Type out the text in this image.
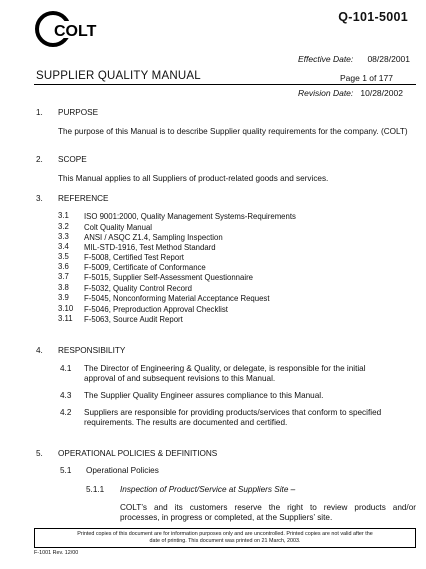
COLT
Q-101-5001
Effective Date: 08/28/2001
SUPPLIER QUALITY MANUAL	Page 1 of 177
Revision Date: 10/28/2002
1. PURPOSE
The purpose of this Manual is to describe Supplier quality requirements for the company. (COLT)
2. SCOPE
This Manual applies to all Suppliers of product-related goods and services.
3. REFERENCE
3.1 ISO 9001:2000, Quality Management Systems-Requirements
3.2 Colt Quality Manual
3.3 ANSI / ASQC Z1.4, Sampling Inspection
3.4 MIL-STD-1916, Test Method Standard
3.5 F-5008, Certified Test Report
3.6 F-5009, Certificate of Conformance
3.7 F-5015, Supplier Self-Assessment Questionnaire
3.8 F-5032, Quality Control Record
3.9 F-5045, Nonconforming Material Acceptance Request
3.10 F-5046, Preproduction Approval Checklist
3.11 F-5063, Source Audit Report
4. RESPONSIBILITY
4.1 The Director of Engineering & Quality, or delegate, is responsible for the initial
approval of and subsequent revisions to this Manual.
4.3 The Supplier Quality Engineer assures compliance to this Manual.
4.2 Suppliers are responsible for providing products/services that conform to specified
requirements. The results are documented and certified.
5. OPERATIONAL POLICIES & DEFINITIONS
5.1 Operational Policies
5.1.1 Inspection of Product/Service at Suppliers Site –
COLT’s and its customers reserve the right to review products and/or
processes, in progress or completed, at the Suppliers’ site.
Printed copies of this document are for information purposes only and are uncontrolled. Printed copies are not valid after the
date of printing. This document was printed on 21 March, 2003.
F-1001 Rev. 12/00
